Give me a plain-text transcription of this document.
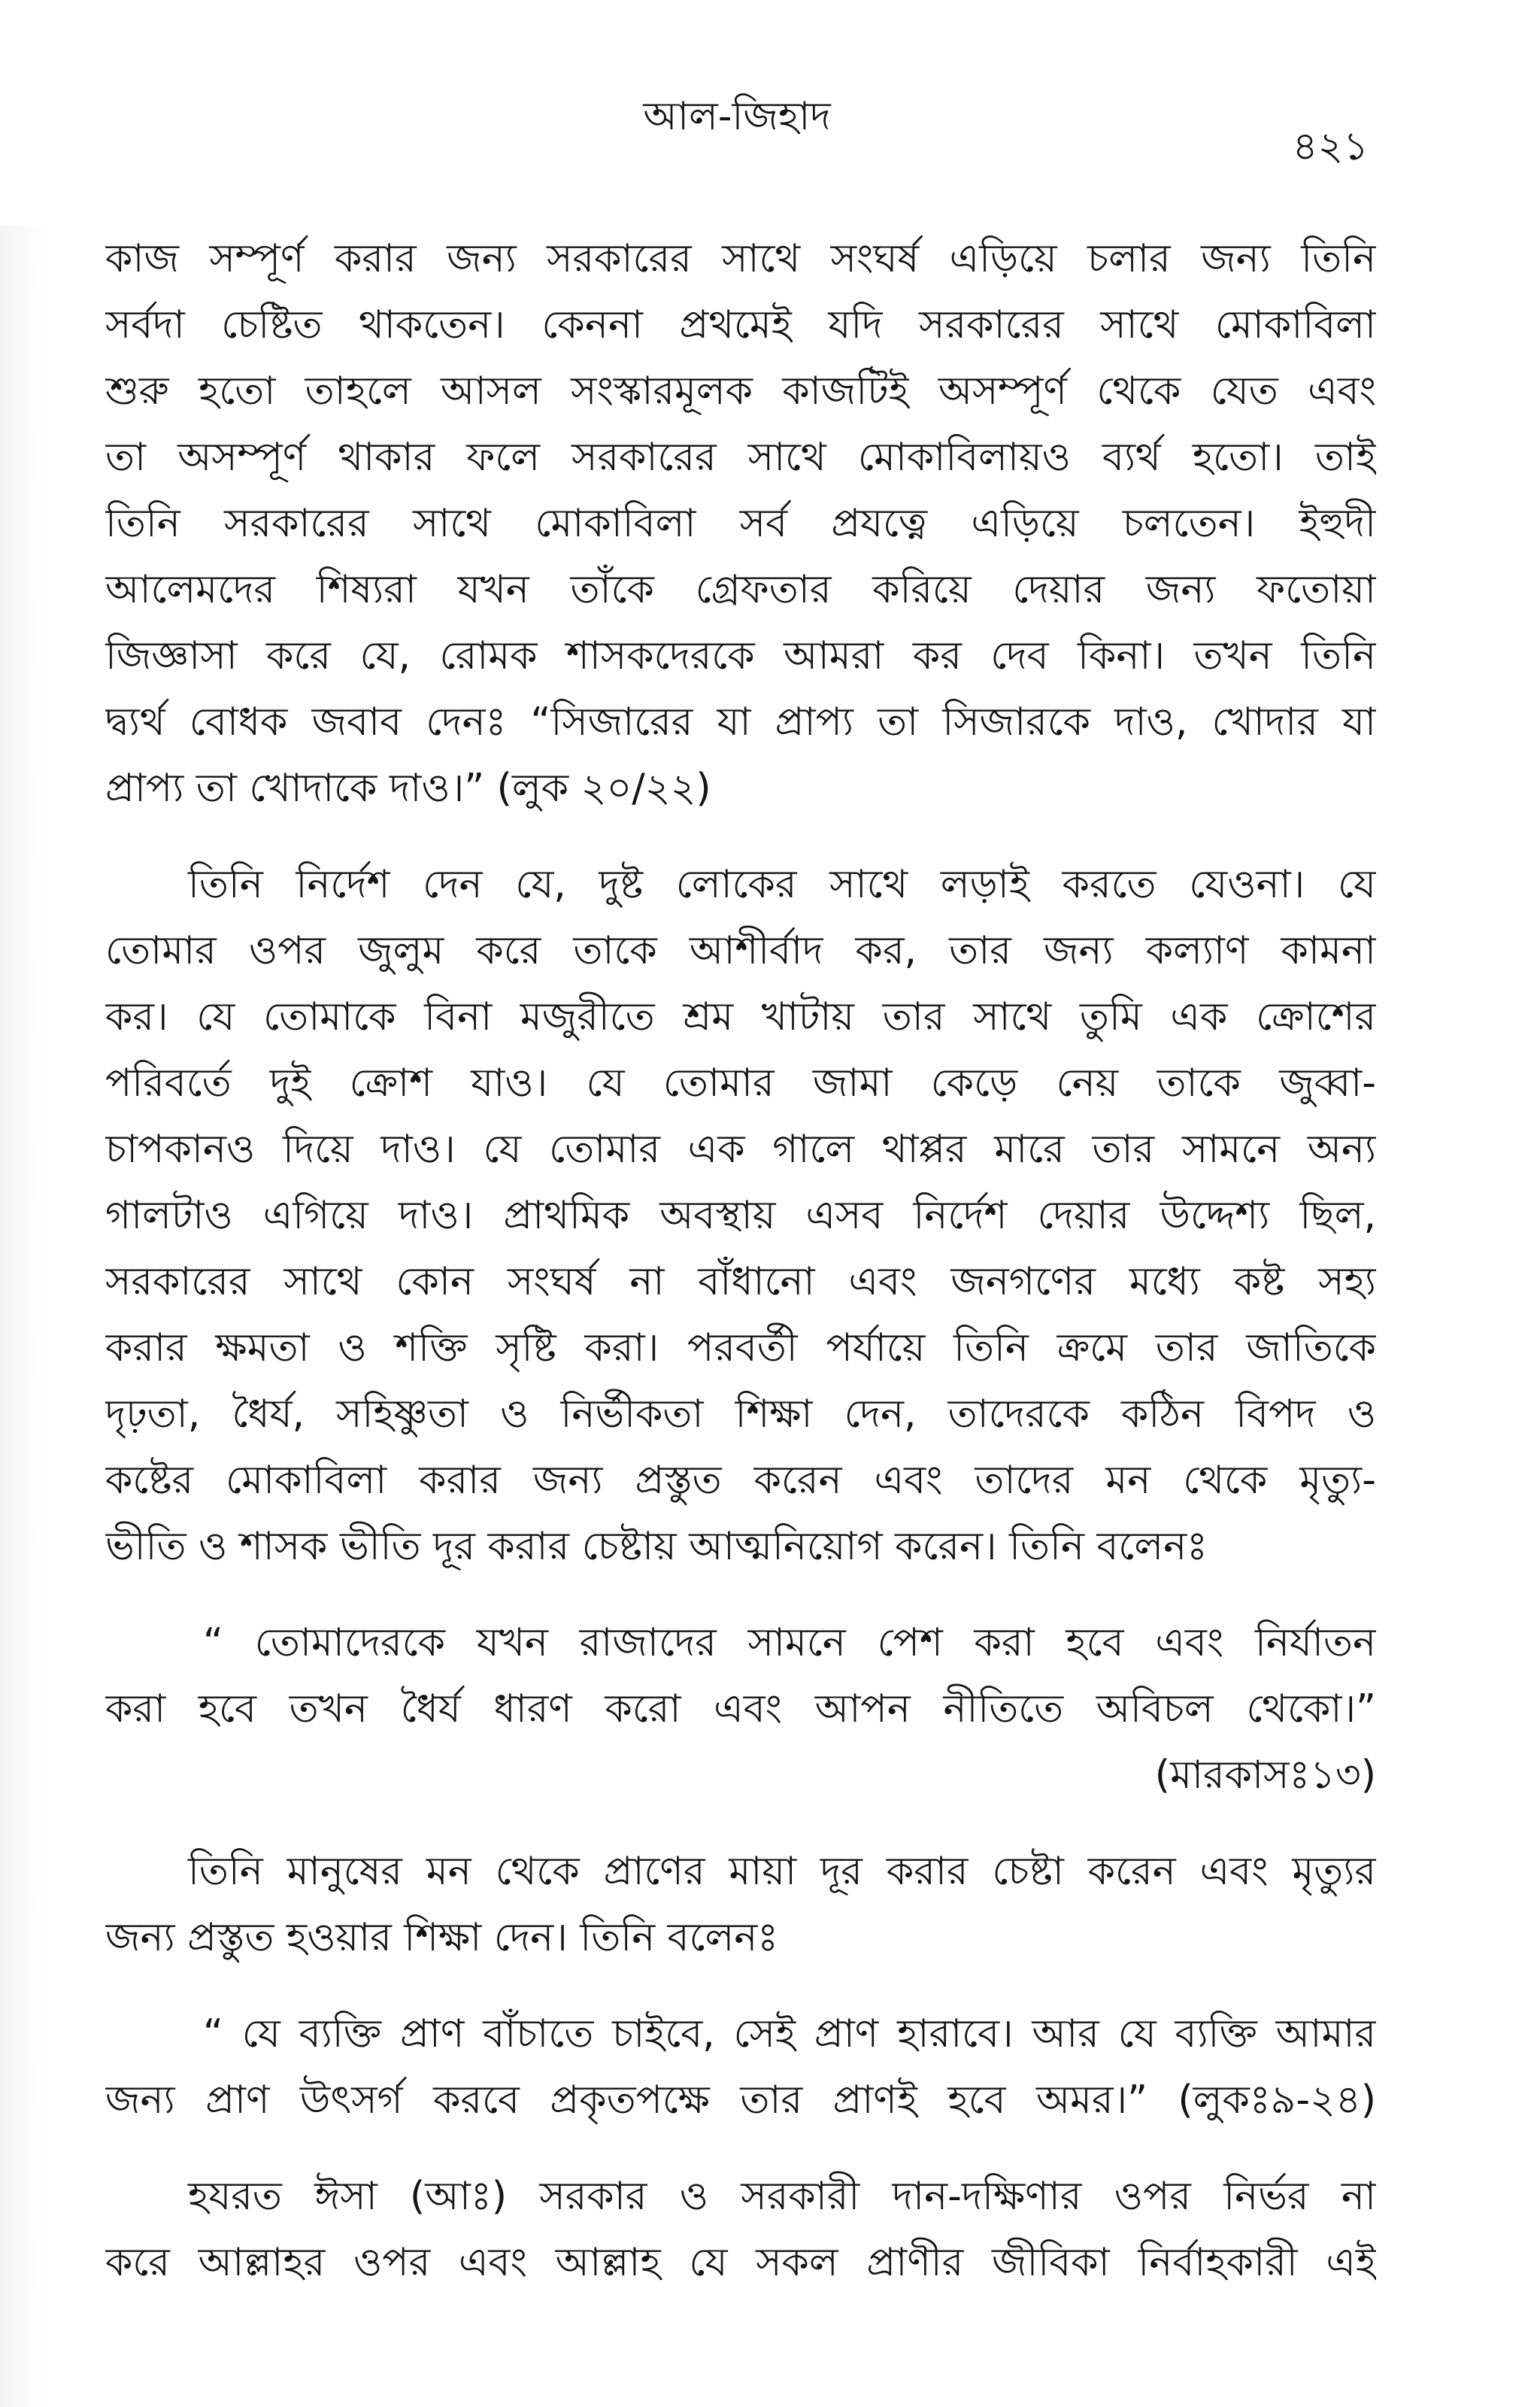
আল-জিহাদ
৪২১
কাজ সম্পূর্ণ করার জন্য সরকারের সাথে সংঘর্ষ এড়িয়ে চলার জন্য তিনি
সর্বদা চেষ্টিত থাকতেন। কেননা প্রথমেই যদি সরকারের সাথে মোকাবিলা
শুরু হতো তাহলে আসল সংস্কারমূলক কাজটিই অসম্পূর্ণ থেকে যেত এবং
তা অসম্পূর্ণ থাকার ফলে সরকারের সাথে মোকাবিলায়ও ব্যর্থ হতো। তাই
তিনি সরকারের সাথে মোকাবিলা সর্ব প্রযত্নে এড়িয়ে চলতেন। ইহুদী
আলেমদের শিষ্যরা যখন তাঁকে গ্রেফতার করিয়ে দেয়ার জন্য ফতোয়া
জিজ্ঞাসা করে যে, রোমক শাসকদেরকে আমরা কর দেব কিনা। তখন তিনি
দ্ব্যর্থ বোধক জবাব দেনঃ “সিজারের যা প্রাপ্য তা সিজারকে দাও, খোদার যা
প্রাপ্য তা খোদাকে দাও।” (লুক ২০/২২)
তিনি নির্দেশ দেন যে, দুষ্ট লোকের সাথে লড়াই করতে যেওনা। যে
তোমার ওপর জুলুম করে তাকে আশীর্বাদ কর, তার জন্য কল্যাণ কামনা
কর। যে তোমাকে বিনা মজুরীতে শ্রম খাটায় তার সাথে তুমি এক ক্রোশের
পরিবর্তে দুই ক্রোশ যাও। যে তোমার জামা কেড়ে নেয় তাকে জুব্বা-
চাপকানও দিয়ে দাও। যে তোমার এক গালে থাপ্পর মারে তার সামনে অন্য
গালটাও এগিয়ে দাও। প্রাথমিক অবস্থায় এসব নির্দেশ দেয়ার উদ্দেশ্য ছিল,
সরকারের সাথে কোন সংঘর্ষ না বাঁধানো এবং জনগণের মধ্যে কষ্ট সহ্য
করার ক্ষমতা ও শক্তি সৃষ্টি করা। পরবর্তী পর্যায়ে তিনি ক্রমে তার জাতিকে
দৃঢ়তা, ধৈর্য, সহিষ্ণুতা ও নির্ভীকতা শিক্ষা দেন, তাদেরকে কঠিন বিপদ ও
কষ্টের মোকাবিলা করার জন্য প্রস্তুত করেন এবং তাদের মন থেকে মৃত্যু-
ভীতি ও শাসক ভীতি দূর করার চেষ্টায় আত্মনিয়োগ করেন। তিনি বলেনঃ
“ তোমাদেরকে যখন রাজাদের সামনে পেশ করা হবে এবং নির্যাতন
করা হবে তখন ধৈর্য ধারণ করো এবং আপন নীতিতে অবিচল থেকো।”
(মারকাসঃ১৩)
তিনি মানুষের মন থেকে প্রাণের মায়া দূর করার চেষ্টা করেন এবং মৃত্যুর
জন্য প্রস্তুত হওয়ার শিক্ষা দেন। তিনি বলেনঃ
“ যে ব্যক্তি প্রাণ বাঁচাতে চাইবে, সেই প্রাণ হারাবে। আর যে ব্যক্তি আমার
জন্য প্রাণ উৎসর্গ করবে প্রকৃতপক্ষে তার প্রাণই হবে অমর।” (লুকঃ৯-২৪)
হযরত ঈসা (আঃ) সরকার ও সরকারী দান-দক্ষিণার ওপর নির্ভর না
করে আল্লাহর ওপর এবং আল্লাহ যে সকল প্রাণীর জীবিকা নির্বাহকারী এই
